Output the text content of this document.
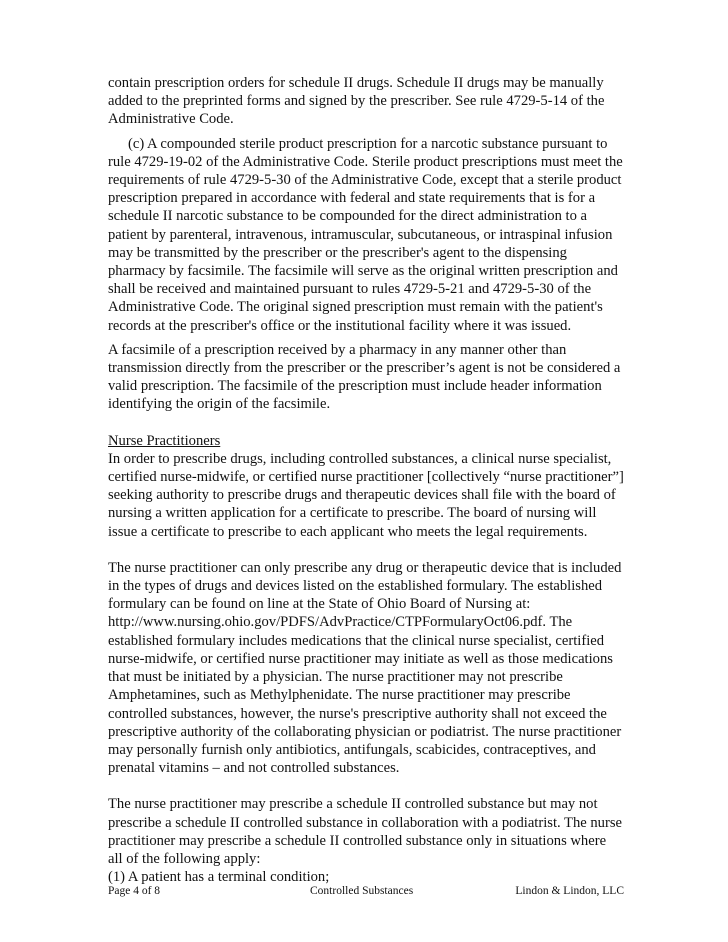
contain prescription orders for schedule II drugs. Schedule II drugs may be manually added to the preprinted forms and signed by the prescriber. See rule 4729-5-14 of the Administrative Code.

(c) A compounded sterile product prescription for a narcotic substance pursuant to rule 4729-19-02 of the Administrative Code. Sterile product prescriptions must meet the requirements of rule 4729-5-30 of the Administrative Code, except that a sterile product prescription prepared in accordance with federal and state requirements that is for a schedule II narcotic substance to be compounded for the direct administration to a patient by parenteral, intravenous, intramuscular, subcutaneous, or intraspinal infusion may be transmitted by the prescriber or the prescriber's agent to the dispensing pharmacy by facsimile. The facsimile will serve as the original written prescription and shall be received and maintained pursuant to rules 4729-5-21 and 4729-5-30 of the Administrative Code. The original signed prescription must remain with the patient's records at the prescriber's office or the institutional facility where it was issued.

A facsimile of a prescription received by a pharmacy in any manner other than transmission directly from the prescriber or the prescriber’s agent is not be considered a valid prescription. The facsimile of the prescription must include header information identifying the origin of the facsimile.

Nurse Practitioners

In order to prescribe drugs, including controlled substances, a clinical nurse specialist, certified nurse-midwife, or certified nurse practitioner [collectively “nurse practitioner”] seeking authority to prescribe drugs and therapeutic devices shall file with the board of nursing a written application for a certificate to prescribe. The board of nursing will issue a certificate to prescribe to each applicant who meets the legal requirements.

The nurse practitioner can only prescribe any drug or therapeutic device that is included in the types of drugs and devices listed on the established formulary. The established formulary can be found on line at the State of Ohio Board of Nursing at: http://www.nursing.ohio.gov/PDFS/AdvPractice/CTPFormularyOct06.pdf. The established formulary includes medications that the clinical nurse specialist, certified nurse-midwife, or certified nurse practitioner may initiate as well as those medications that must be initiated by a physician. The nurse practitioner may not prescribe Amphetamines, such as Methylphenidate. The nurse practitioner may prescribe controlled substances, however, the nurse's prescriptive authority shall not exceed the prescriptive authority of the collaborating physician or podiatrist. The nurse practitioner may personally furnish only antibiotics, antifungals, scabicides, contraceptives, and prenatal vitamins – and not controlled substances.

The nurse practitioner may prescribe a schedule II controlled substance but may not prescribe a schedule II controlled substance in collaboration with a podiatrist. The nurse practitioner may prescribe a schedule II controlled substance only in situations where all of the following apply:

(1) A patient has a terminal condition;

Page 4 of 8	Controlled Substances	Lindon & Lindon, LLC
